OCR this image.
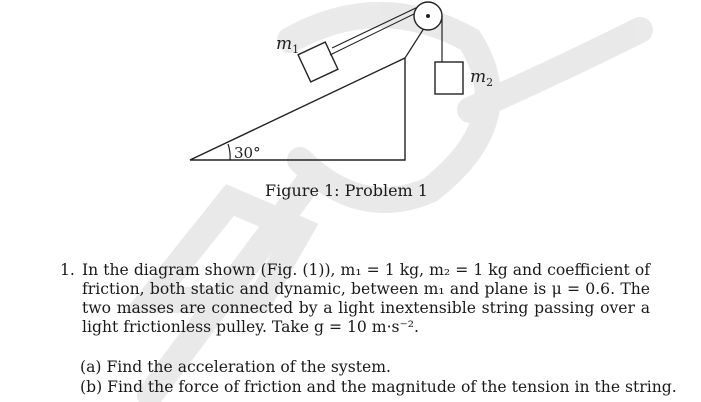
30°
$m_1$
$m_2$
Figure 1: Problem 1
1. In the diagram shown (Fig. (1)), m₁ = 1 kg, m₂ = 1 kg and coefficient of friction, both static and dynamic, between m₁ and plane is μ = 0.6. The two masses are connected by a light inextensible string passing over a light frictionless pulley. Take g = 10 m·s⁻².
(a) Find the acceleration of the system.
(b) Find the force of friction and the magnitude of the tension in the string.
